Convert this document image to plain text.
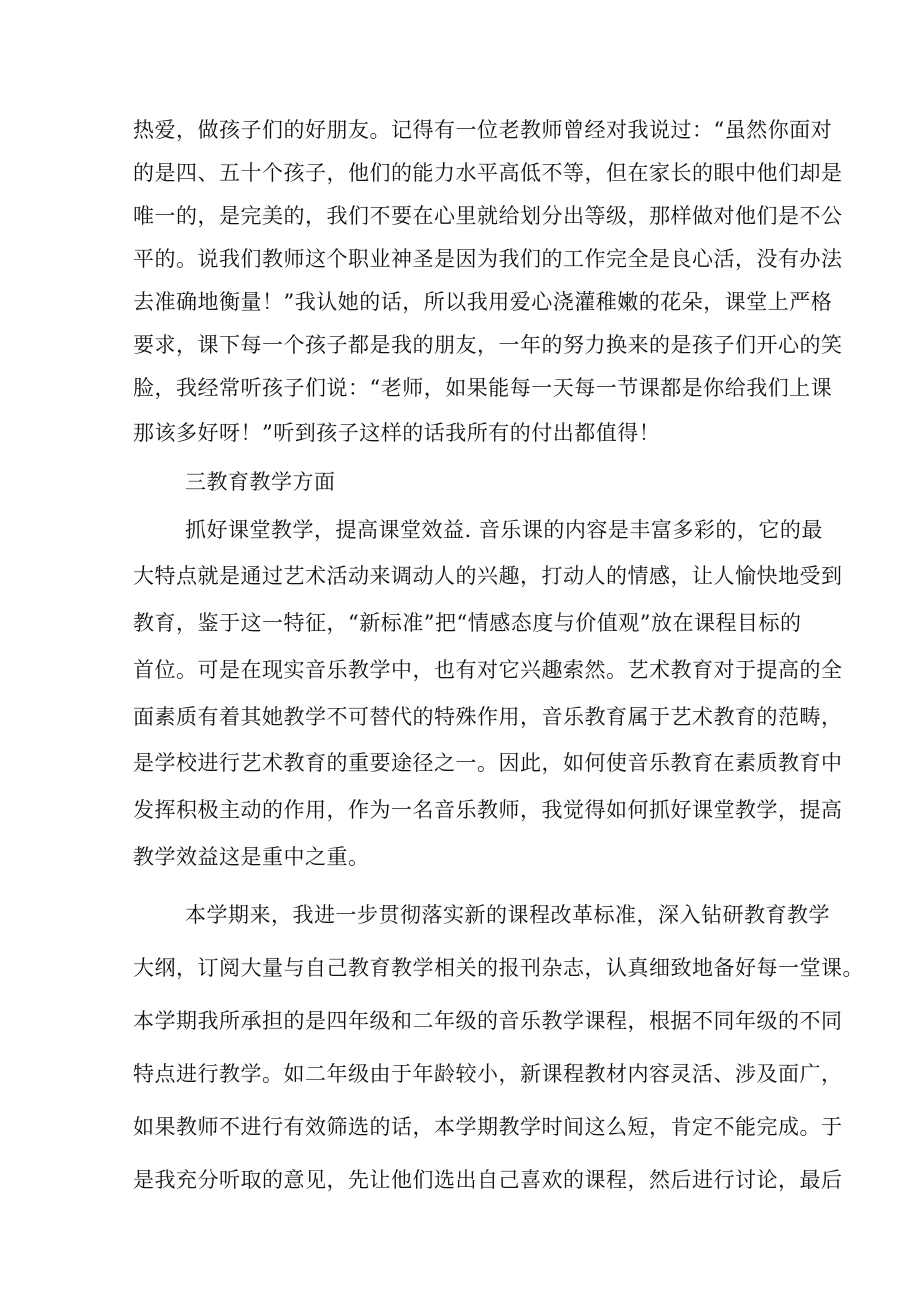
热爱，做孩子们的好朋友。记得有一位老教师曾经对我说过：“虽然你面对
的是四、五十个孩子，他们的能力水平高低不等，但在家长的眼中他们却是
唯一的，是完美的，我们不要在心里就给划分出等级，那样做对他们是不公
平的。说我们教师这个职业神圣是因为我们的工作完全是良心活，没有办法
去准确地衡量！”我认她的话，所以我用爱心浇灌稚嫩的花朵，课堂上严格
要求，课下每一个孩子都是我的朋友，一年的努力换来的是孩子们开心的笑
脸，我经常听孩子们说：“老师，如果能每一天每一节课都是你给我们上课
那该多好呀！”听到孩子这样的话我所有的付出都值得！
三教育教学方面
抓好课堂教学，提高课堂效益. 音乐课的内容是丰富多彩的，它的最
大特点就是通过艺术活动来调动人的兴趣，打动人的情感，让人愉快地受到
教育，鉴于这一特征，“新标准”把“情感态度与价值观”放在课程目标的
首位。可是在现实音乐教学中，也有对它兴趣索然。艺术教育对于提高的全
面素质有着其她教学不可替代的特殊作用，音乐教育属于艺术教育的范畴，
是学校进行艺术教育的重要途径之一。因此，如何使音乐教育在素质教育中
发挥积极主动的作用，作为一名音乐教师，我觉得如何抓好课堂教学，提高
教学效益这是重中之重。
本学期来，我进一步贯彻落实新的课程改革标准，深入钻研教育教学
大纲，订阅大量与自己教育教学相关的报刊杂志，认真细致地备好每一堂课。
本学期我所承担的是四年级和二年级的音乐教学课程，根据不同年级的不同
特点进行教学。如二年级由于年龄较小，新课程教材内容灵活、涉及面广，
如果教师不进行有效筛选的话，本学期教学时间这么短，肯定不能完成。于
是我充分听取的意见，先让他们选出自己喜欢的课程，然后进行讨论，最后
